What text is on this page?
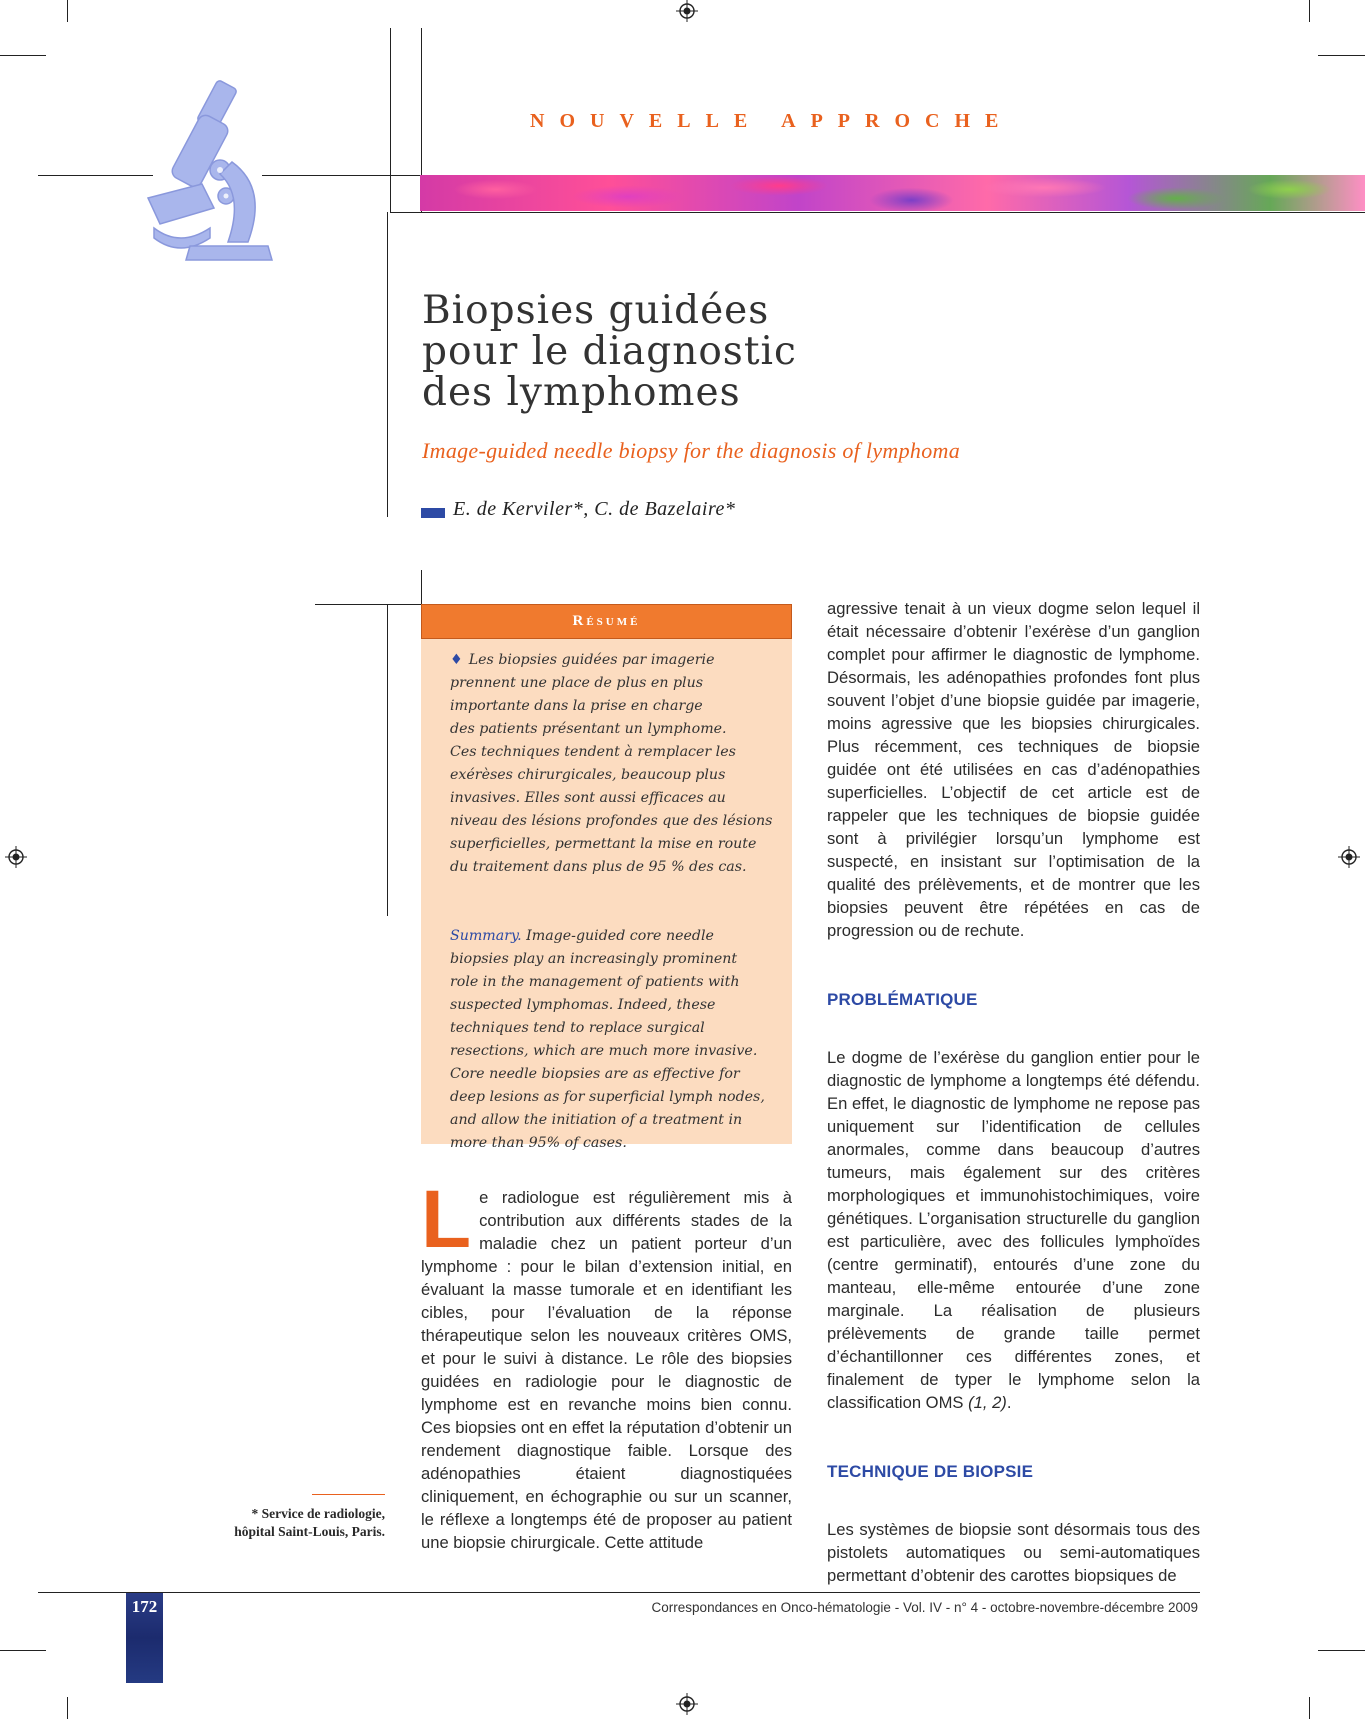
NOUVELLE APPROCHE
Biopsies guidées
pour le diagnostic
des lymphomes
Image-guided needle biopsy for the diagnosis of lymphoma
E. de Kerviler*, C. de Bazelaire*
Résumé

♦ Les biopsies guidées par imagerie

prennent une place de plus en plus

importante dans la prise en charge

des patients présentant un lymphome.

Ces techniques tendent à remplacer les

exérèses chirurgicales, beaucoup plus

invasives. Elles sont aussi efficaces au

niveau des lésions profondes que des lésions

superficielles, permettant la mise en route

du traitement dans plus de 95 % des cas.

Summary. Image-guided core needle

biopsies play an increasingly prominent

role in the management of patients with

suspected lymphomas. Indeed, these

techniques tend to replace surgical

resections, which are much more invasive.

Core needle biopsies are as effective for

deep lesions as for superficial lymph nodes,

and allow the initiation of a treatment in

more than 95% of cases.

Le radiologue est régulièrement mis à contribution aux différents stades de la maladie chez un patient porteur d’un lymphome : pour le bilan d’extension initial, en évaluant la masse tumorale et en identifiant les cibles, pour l’évaluation de la réponse thérapeutique selon les nouveaux critères OMS, et pour le suivi à distance. Le rôle des biopsies guidées en radiologie pour le diagnostic de lymphome est en revanche moins bien connu. Ces biopsies ont en effet la réputation d’obtenir un rendement diagnostique faible. Lorsque des adénopathies étaient diagnostiquées cliniquement, en échographie ou sur un scanner, le réflexe a longtemps été de proposer au patient une biopsie chirurgicale. Cette attitude

agressive tenait à un vieux dogme selon lequel il était nécessaire d’obtenir l’exérèse d’un ganglion complet pour affirmer le diagnostic de lymphome. Désormais, les adénopathies profondes font plus souvent l’objet d’une biopsie guidée par imagerie, moins agressive que les biopsies chirurgicales. Plus récemment, ces techniques de biopsie guidée ont été utilisées en cas d’adénopathies superficielles. L’objectif de cet article est de rappeler que les techniques de biopsie guidée sont à privilégier lorsqu’un lymphome est suspecté, en insistant sur l’optimisation de la qualité des prélèvements, et de montrer que les biopsies peuvent être répétées en cas de progression ou de rechute.

PROBLÉMATIQUE

Le dogme de l’exérèse du ganglion entier pour le diagnostic de lymphome a longtemps été défendu. En effet, le diagnostic de lymphome ne repose pas uniquement sur l’identification de cellules anormales, comme dans beaucoup d’autres tumeurs, mais également sur des critères morphologiques et immunohistochimiques, voire génétiques. L’organisation structurelle du ganglion est particulière, avec des follicules lymphoïdes (centre germinatif), entourés d’une zone du manteau, elle-même entourée d’une zone marginale. La réalisation de plusieurs prélèvements de grande taille permet d’échantillonner ces différentes zones, et finalement de typer le lymphome selon la classification OMS (1, 2).

TECHNIQUE DE BIOPSIE

Les systèmes de biopsie sont désormais tous des pistolets automatiques ou semi-automatiques permettant d’obtenir des carottes biopsiques de

* Service de radiologie,
hôpital Saint-Louis, Paris.
172	Correspondances en Onco-hématologie - Vol. IV - n° 4 - octobre-novembre-décembre 2009
